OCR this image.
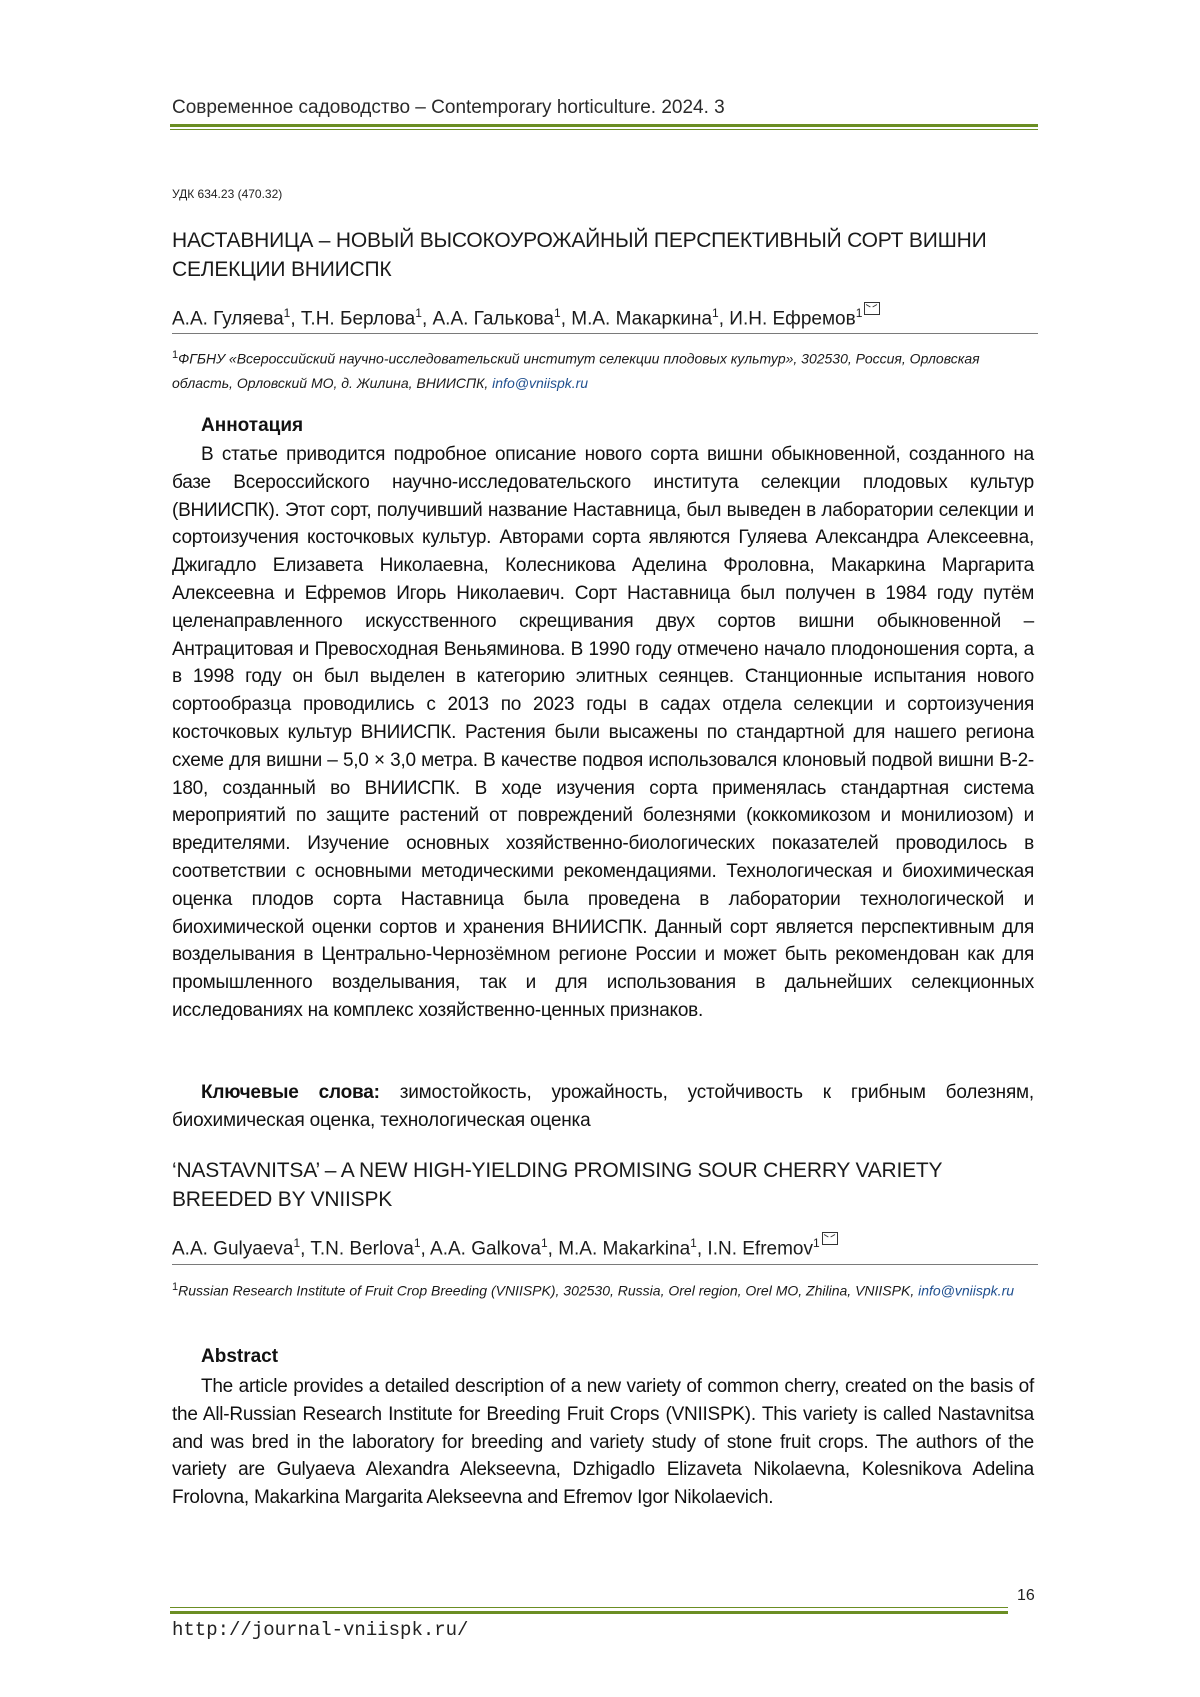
Современное садоводство – Contemporary horticulture. 2024. 3
УДК 634.23 (470.32)
НАСТАВНИЦА – НОВЫЙ ВЫСОКОУРОЖАЙНЫЙ ПЕРСПЕКТИВНЫЙ СОРТ ВИШНИ СЕЛЕКЦИИ ВНИИСПК
А.А. Гуляева$^1$, Т.Н. Берлова$^1$, А.А. Галькова$^1$, М.А. Макаркина$^1$, И.Н. Ефремов$^1$
$^1$ФГБНУ «Всероссийский научно-исследовательский институт селекции плодовых культур», 302530, Россия, Орловская область, Орловский МО, д. Жилина, ВНИИСПК, info@vniispk.ru
Аннотация
В статье приводится подробное описание нового сорта вишни обыкновенной, созданного на базе Всероссийского научно-исследовательского института селекции плодовых культур (ВНИИСПК). Этот сорт, получивший название Наставница, был выведен в лаборатории селекции и сортоизучения косточковых культур. Авторами сорта являются Гуляева Александра Алексеевна, Джигадло Елизавета Николаевна, Колесникова Аделина Фроловна, Макаркина Маргарита Алексеевна и Ефремов Игорь Николаевич. Сорт Наставница был получен в 1984 году путём целенаправленного искусственного скрещивания двух сортов вишни обыкновенной – Антрацитовая и Превосходная Веньяминова. В 1990 году отмечено начало плодоношения сорта, а в 1998 году он был выделен в категорию элитных сеянцев. Станционные испытания нового сортообразца проводились с 2013 по 2023 годы в садах отдела селекции и сортоизучения косточковых культур ВНИИСПК. Растения были высажены по стандартной для нашего региона схеме для вишни – 5,0 × 3,0 метра. В качестве подвоя использовался клоновый подвой вишни В-2-180, созданный во ВНИИСПК. В ходе изучения сорта применялась стандартная система мероприятий по защите растений от повреждений болезнями (коккомикозом и монилиозом) и вредителями. Изучение основных хозяйственно-биологических показателей проводилось в соответствии с основными методическими рекомендациями. Технологическая и биохимическая оценка плодов сорта Наставница была проведена в лаборатории технологической и биохимической оценки сортов и хранения ВНИИСПК. Данный сорт является перспективным для возделывания в Центрально-Чернозёмном регионе России и может быть рекомендован как для промышленного возделывания, так и для использования в дальнейших селекционных исследованиях на комплекс хозяйственно-ценных признаков.
Ключевые слова: зимостойкость, урожайность, устойчивость к грибным болезням, биохимическая оценка, технологическая оценка
‘NASTAVNITSA’ – A NEW HIGH-YIELDING PROMISING SOUR CHERRY VARIETY BREEDED BY VNIISPK
A.A. Gulyaeva$^1$, T.N. Berlova$^1$, A.A. Galkova$^1$, M.A. Makarkina$^1$, I.N. Efremov$^1$
$^1$Russian Research Institute of Fruit Crop Breeding (VNIISPK), 302530, Russia, Orel region, Orel MO, Zhilina, VNIISPK, info@vniispk.ru
Abstract
The article provides a detailed description of a new variety of common cherry, created on the basis of the All-Russian Research Institute for Breeding Fruit Crops (VNIISPK). This variety is called Nastavnitsa and was bred in the laboratory for breeding and variety study of stone fruit crops. The authors of the variety are Gulyaeva Alexandra Alekseevna, Dzhigadlo Elizaveta Nikolaevna, Kolesnikova Adelina Frolovna, Makarkina Margarita Alekseevna and Efremov Igor Nikolaevich.
16
http://journal-vniispk.ru/
